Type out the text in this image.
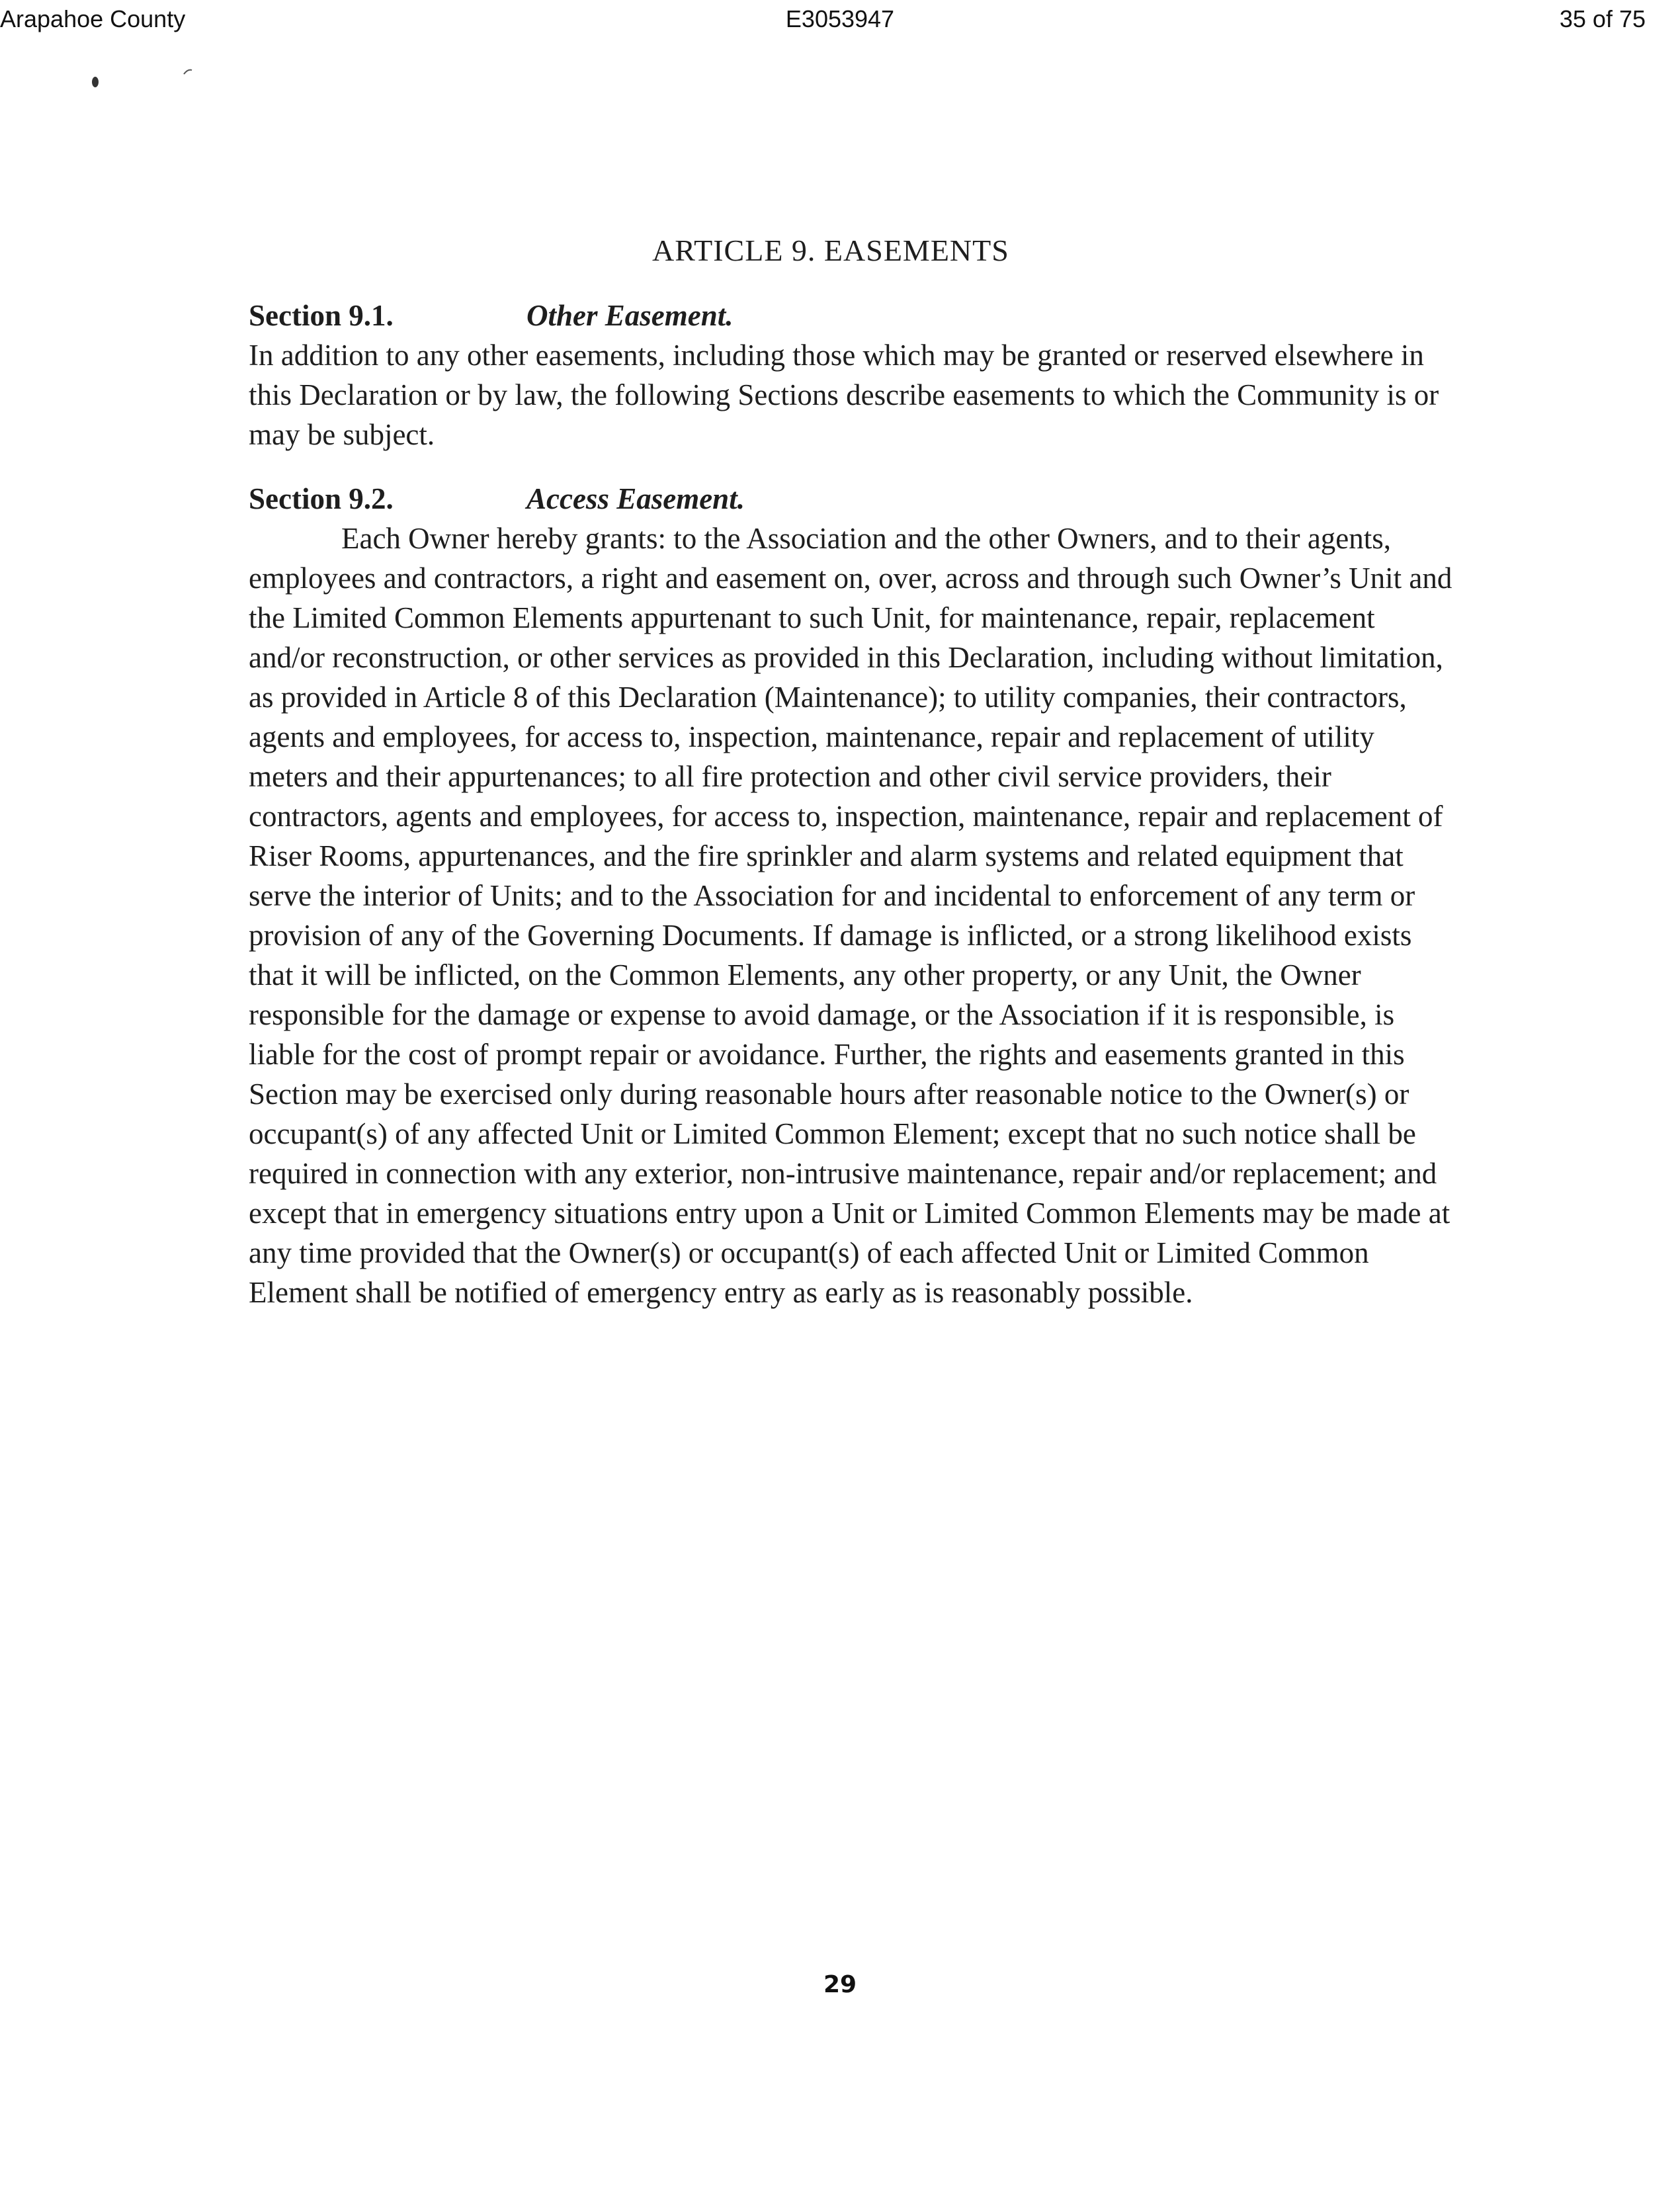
Arapahoe County	E3053947	35 of 75
ARTICLE 9. EASEMENTS
Section 9.1.	Other Easement.

In addition to any other easements, including those which may be granted or reserved elsewhere in this Declaration or by law, the following Sections describe easements to which the Community is or may be subject.

Section 9.2.	Access Easement.

Each Owner hereby grants: to the Association and the other Owners, and to their agents, employees and contractors, a right and easement on, over, across and through such Owner’s Unit and the Limited Common Elements appurtenant to such Unit, for maintenance, repair, replacement and/or reconstruction, or other services as provided in this Declaration, including without limitation, as provided in Article 8 of this Declaration (Maintenance); to utility companies, their contractors, agents and employees, for access to, inspection, maintenance, repair and replacement of utility meters and their appurtenances; to all fire protection and other civil service providers, their contractors, agents and employees, for access to, inspection, maintenance, repair and replacement of Riser Rooms, appurtenances, and the fire sprinkler and alarm systems and related equipment that serve the interior of Units; and to the Association for and incidental to enforcement of any term or provision of any of the Governing Documents. If damage is inflicted, or a strong likelihood exists that it will be inflicted, on the Common Elements, any other property, or any Unit, the Owner responsible for the damage or expense to avoid damage, or the Association if it is responsible, is liable for the cost of prompt repair or avoidance. Further, the rights and easements granted in this Section may be exercised only during reasonable hours after reasonable notice to the Owner(s) or occupant(s) of any affected Unit or Limited Common Element; except that no such notice shall be required in connection with any exterior, non-intrusive maintenance, repair and/or replacement; and except that in emergency situations entry upon a Unit or Limited Common Elements may be made at any time provided that the Owner(s) or occupant(s) of each affected Unit or Limited Common Element shall be notified of emergency entry as early as is reasonably possible.

29
